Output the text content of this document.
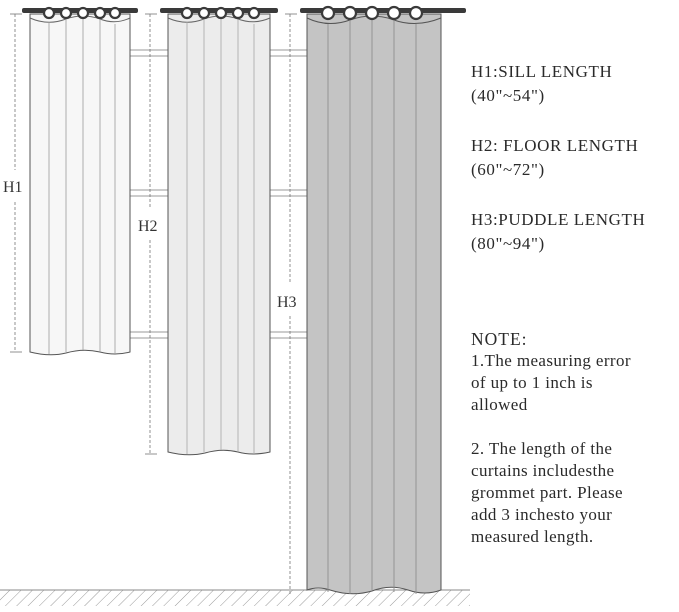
H1
H2
H3
H1:SILL LENGTH
(40"~54")
H2: FLOOR LENGTH
(60"~72")
H3:PUDDLE LENGTH
(80"~94")
NOTE:

1.The measuring error

of up to 1 inch is

allowed

2. The length of the

curtains includesthe

grommet part. Please

add 3 inchesto your

measured length.
